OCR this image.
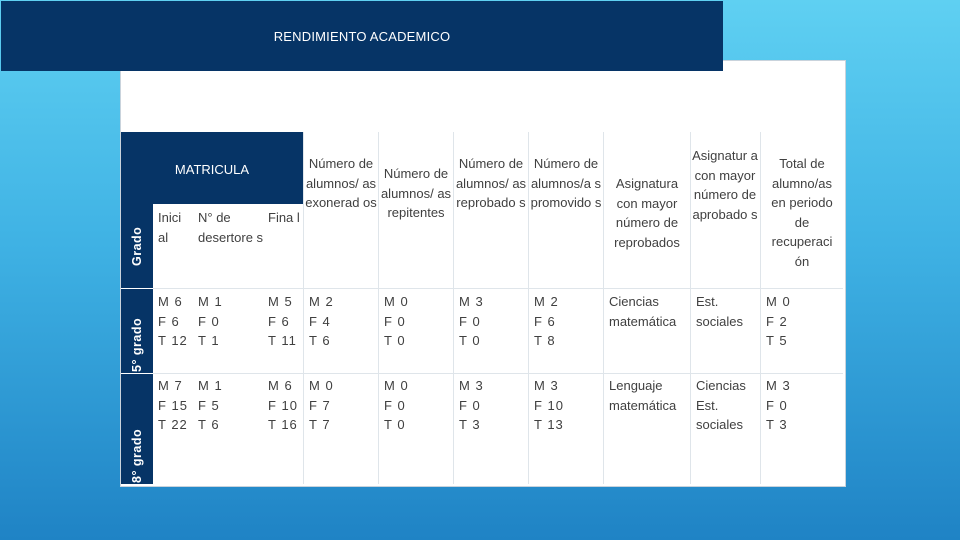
RENDIMIENTO ACADEMICO
MATRICULA
Grado
5° grado
8° grado
Inici al
N° de desertore s
Fina l
Número de alumnos/ as exonerad os
Número de alumnos/ as repitentes
Número de alumnos/ as reprobado s
Número de alumnos/a s promovido s
Asignatura con mayor número de reprobados
Asignatur a con mayor número de aprobado s
Total de alumno/as en periodo de recuperaci ón
M 6
F 6
T 12
M 1
F 0
T 1
M 5
F 6
T 11
M 2
F 4
T 6
M 0
F 0
T 0
M 3
F 0
T 0
M 2
F 6
T 8
Ciencias
matemática
Est.
sociales
M 0
F 2
T 5
M 7
F 15
T 22
M 1
F 5
T 6
M 6
F 10
T 16
M 0
F 7
T 7
M 0
F 0
T 0
M 3
F 0
T 3
M 3
F 10
T 13
Lenguaje
matemática
Ciencias
Est.
sociales
M 3
F 0
T 3
